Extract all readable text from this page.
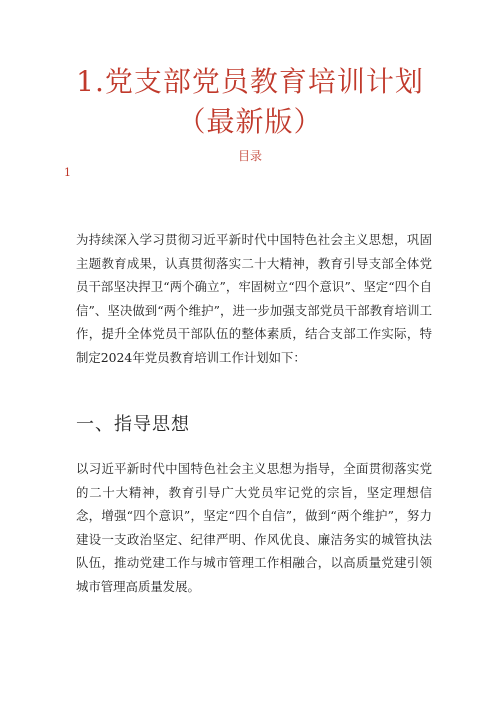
1.党支部党员教育培训计划（最新版）
目录
1

为持续深入学习贯彻习近平新时代中国特色社会主义思想，巩固主题教育成果，认真贯彻落实二十大精神，教育引导支部全体党员干部坚决捍卫“两个确立”，牢固树立“四个意识”、坚定“四个自信”、坚决做到“两个维护”，进一步加强支部党员干部教育培训工作，提升全体党员干部队伍的整体素质，结合支部工作实际，特制定2024年党员教育培训工作计划如下：

一、指导思想

以习近平新时代中国特色社会主义思想为指导，全面贯彻落实党的二十大精神，教育引导广大党员牢记党的宗旨，坚定理想信念，增强“四个意识”，坚定“四个自信”，做到“两个维护”，努力建设一支政治坚定、纪律严明、作风优良、廉洁务实的城管执法队伍，推动党建工作与城市管理工作相融合，以高质量党建引领城市管理高质量发展。
